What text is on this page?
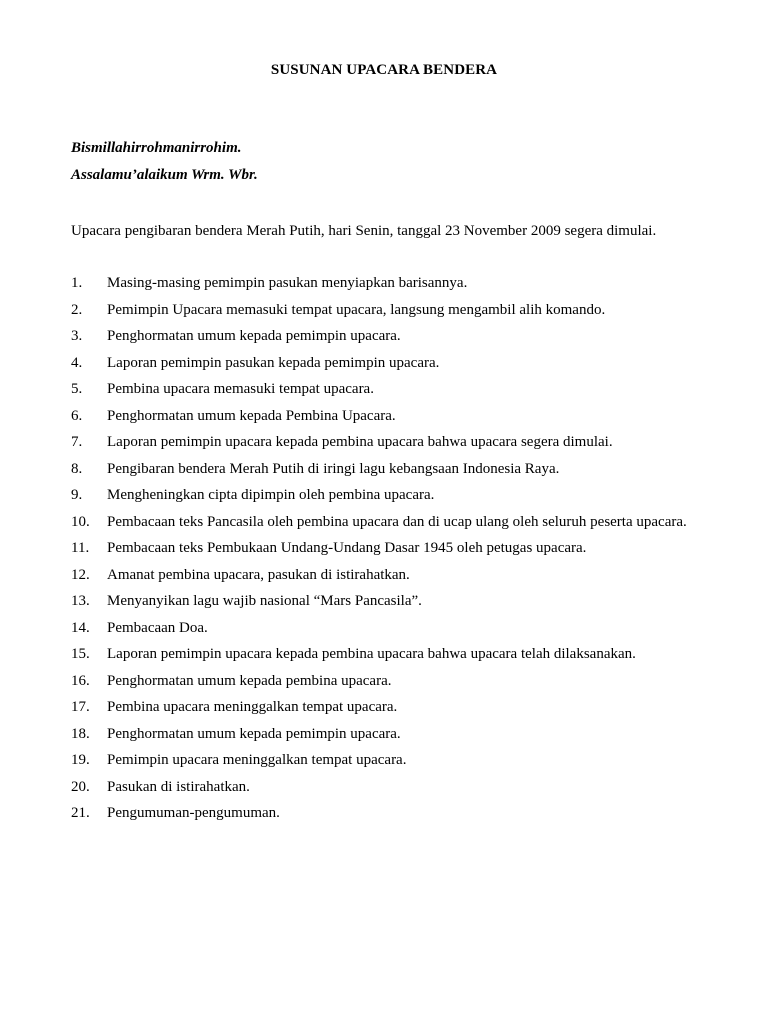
SUSUNAN UPACARA BENDERA
Bismillahirrohmanirrohim.
Assalamu’alaikum Wrm. Wbr.
Upacara pengibaran bendera Merah Putih, hari Senin, tanggal 23 November 2009 segera dimulai.
1.	Masing-masing pemimpin pasukan menyiapkan barisannya.
2.	Pemimpin Upacara memasuki tempat upacara, langsung mengambil alih komando.
3.	Penghormatan umum kepada pemimpin upacara.
4.	Laporan pemimpin pasukan kepada pemimpin upacara.
5.	Pembina upacara memasuki tempat upacara.
6.	Penghormatan umum kepada Pembina Upacara.
7.	Laporan pemimpin upacara kepada pembina upacara bahwa upacara segera dimulai.
8.	Pengibaran bendera Merah Putih di iringi lagu kebangsaan Indonesia Raya.
9.	Mengheningkan cipta dipimpin oleh pembina upacara.
10.	Pembacaan teks Pancasila oleh pembina upacara dan di ucap ulang oleh seluruh peserta upacara.
11.	Pembacaan teks Pembukaan Undang-Undang Dasar 1945 oleh petugas upacara.
12.	Amanat pembina upacara, pasukan di istirahatkan.
13.	Menyanyikan lagu wajib nasional “Mars Pancasila”.
14.	Pembacaan Doa.
15.	Laporan pemimpin upacara kepada pembina upacara bahwa upacara telah dilaksanakan.
16.	Penghormatan umum kepada pembina upacara.
17.	Pembina upacara meninggalkan tempat upacara.
18.	Penghormatan umum kepada pemimpin upacara.
19.	Pemimpin upacara meninggalkan tempat upacara.
20.	Pasukan di istirahatkan.
21.	Pengumuman-pengumuman.
